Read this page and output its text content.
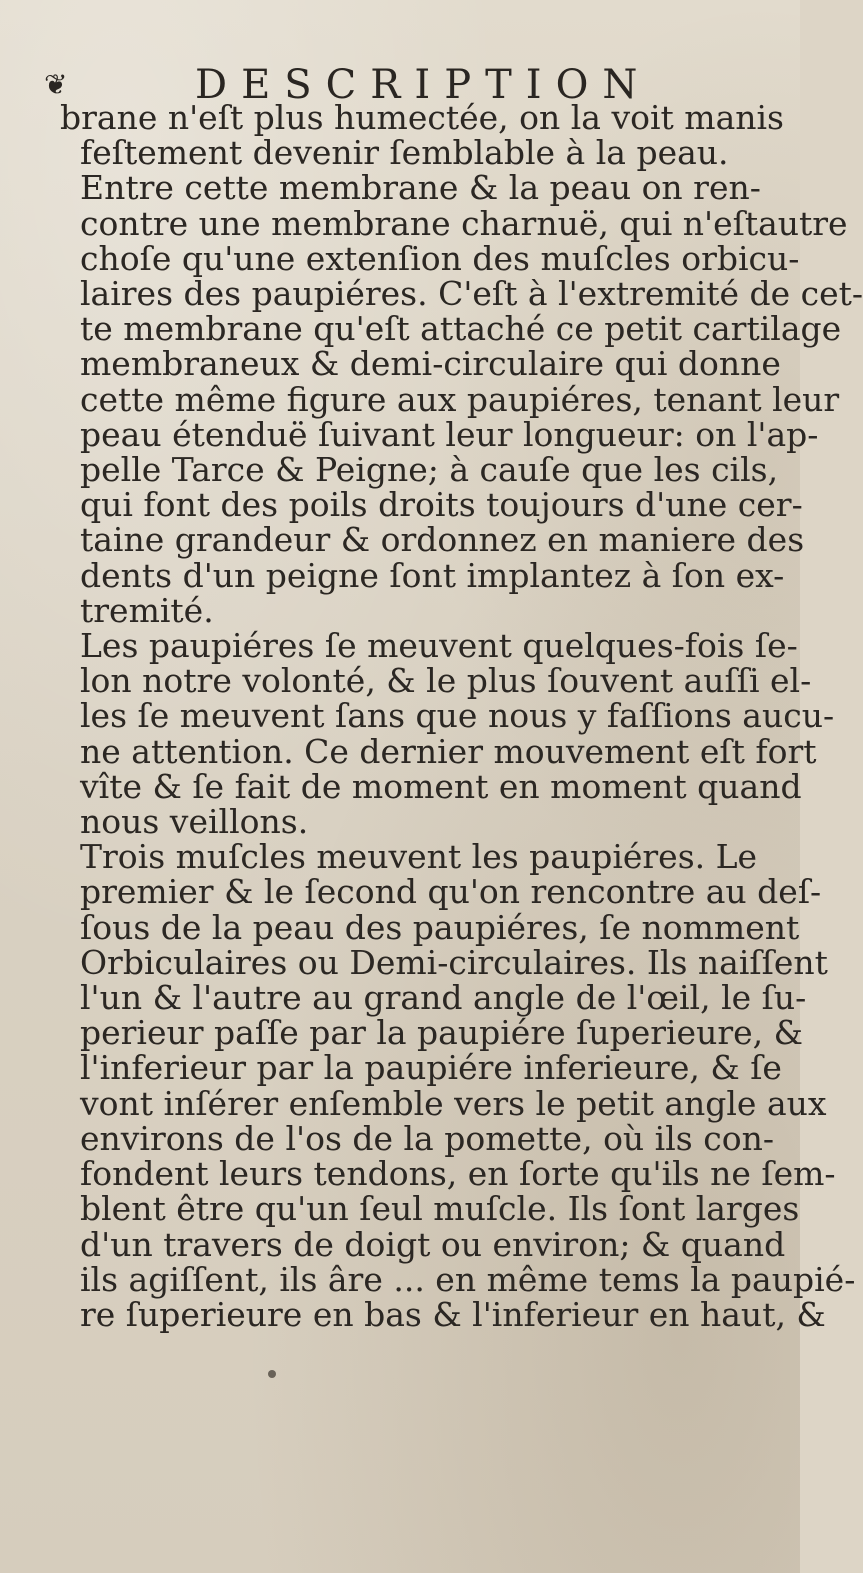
❦	DESCRIPTION
brane n'eſt plus humectée, on la voit manis
feſtement devenir ſemblable à la peau.
Entre cette membrane & la peau on ren-
contre une membrane charnuë, qui n'eſtautre
choſe qu'une extenſion des muſcles orbicu-
laires des paupiéres. C'eſt à l'extremité de cet-
te membrane qu'eſt attaché ce petit cartilage
membraneux & demi-circulaire qui donne
cette même figure aux paupiéres, tenant leur
peau étenduë ſuivant leur longueur: on l'ap-
pelle Tarce & Peigne; à cauſe que les cils,
qui font des poils droits toujours d'une cer-
taine grandeur & ordonnez en maniere des
dents d'un peigne ſont implantez à ſon ex-
tremité.
Les paupiéres ſe meuvent quelques-fois ſe-
lon notre volonté, & le plus ſouvent auſſi el-
les ſe meuvent ſans que nous y faſſions aucu-
ne attention. Ce dernier mouvement eſt fort
vîte & ſe fait de moment en moment quand
nous veillons.
Trois muſcles meuvent les paupiéres. Le
premier & le ſecond qu'on rencontre au deſ-
ſous de la peau des paupiéres, ſe nomment
Orbiculaires ou Demi-circulaires. Ils naiſſent
l'un & l'autre au grand angle de l'œil, le ſu-
perieur paſſe par la paupiére ſuperieure, &
l'inferieur par la paupiére inferieure, & ſe
vont inſérer enſemble vers le petit angle aux
environs de l'os de la pomette, où ils con-
fondent leurs tendons, en ſorte qu'ils ne ſem-
blent être qu'un ſeul muſcle. Ils ſont larges
d'un travers de doigt ou environ; & quand
ils agiſſent, ils âre ... en même tems la paupié-
re ſuperieure en bas & l'inferieur en haut, &
